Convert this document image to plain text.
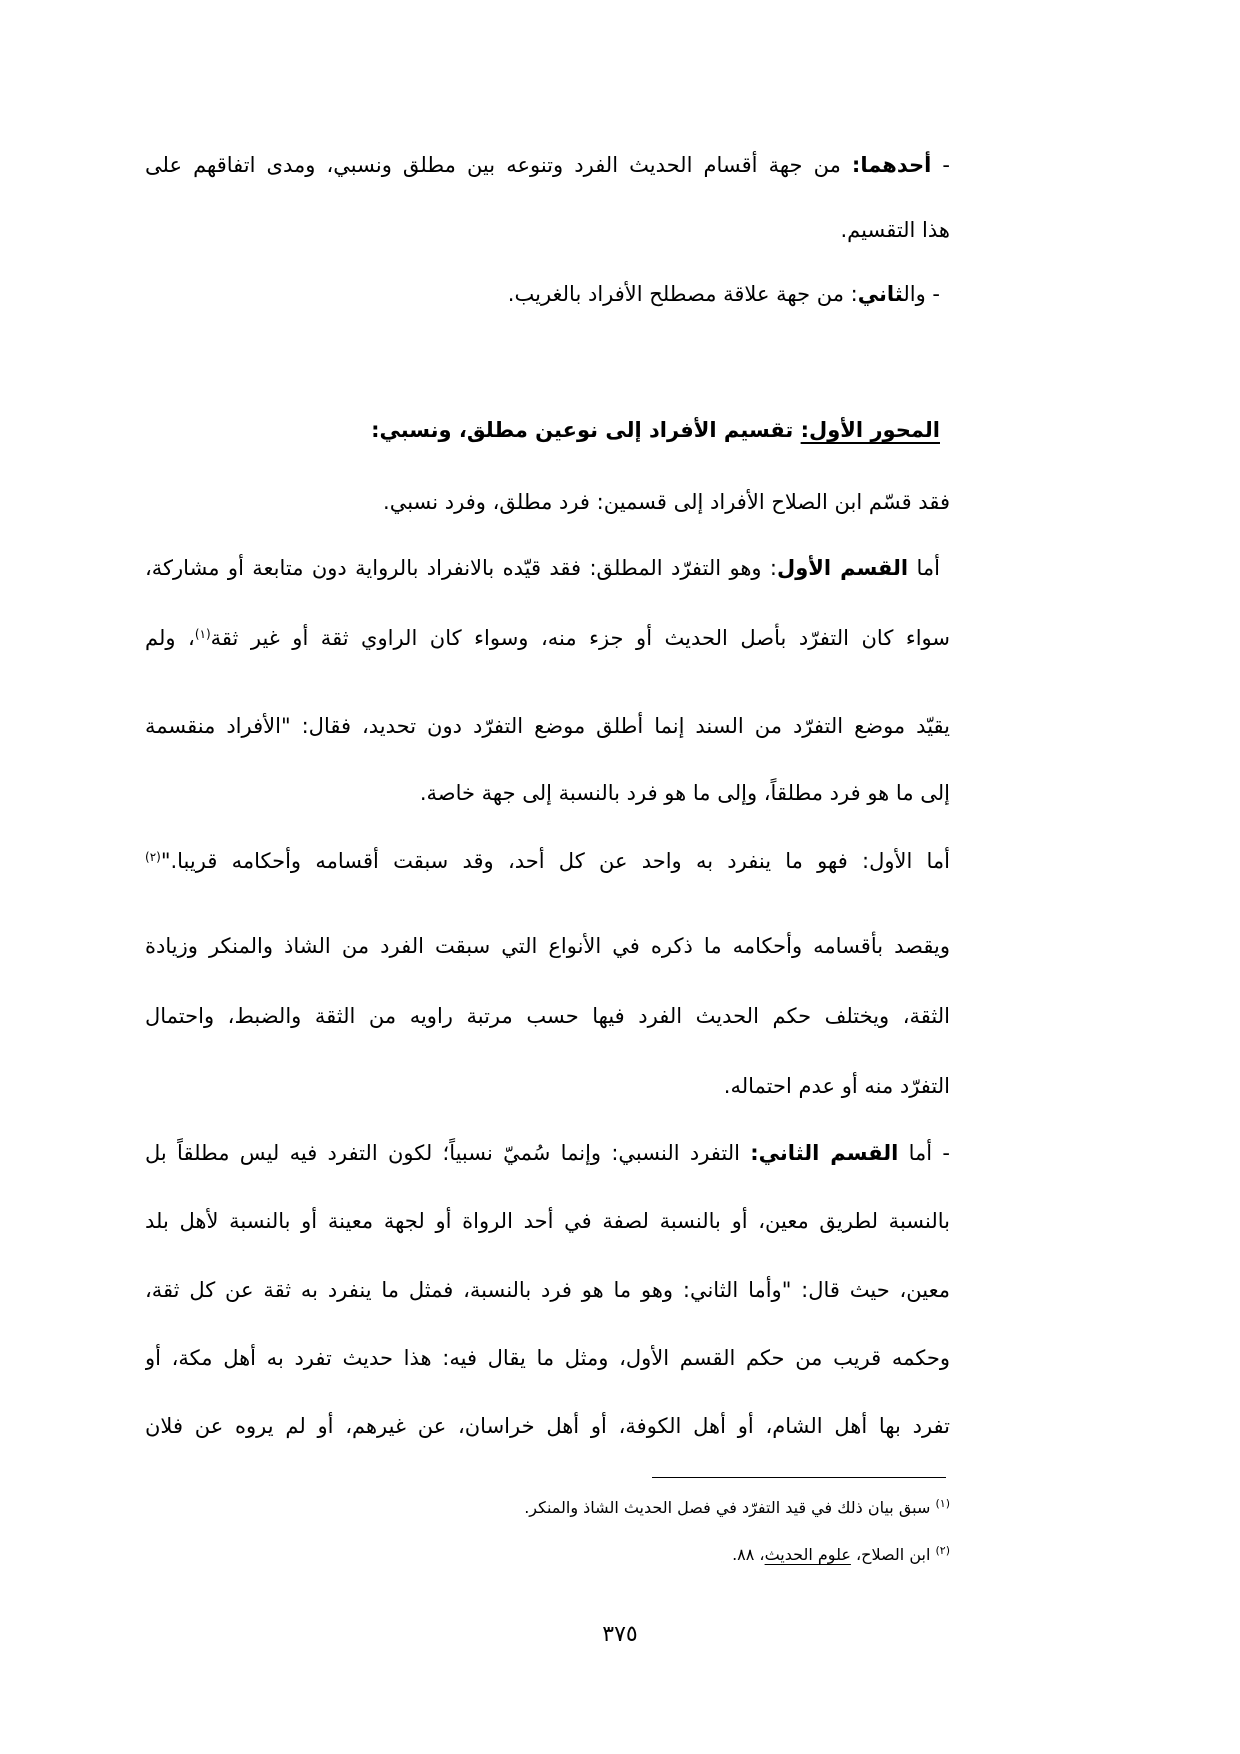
- أحدهما: من جهة أقسام الحديث الفرد وتنوعه بين مطلق ونسبي، ومدى اتفاقهم على
هذا التقسيم.
- والثاني: من جهة علاقة مصطلح الأفراد بالغريب.
المحور الأول: تقسيم الأفراد إلى نوعين مطلق، ونسبي:
فقد قسّم ابن الصلاح الأفراد إلى قسمين: فرد مطلق، وفرد نسبي.
أما القسم الأول: وهو التفرّد المطلق: فقد قيّده بالانفراد بالرواية دون متابعة أو مشاركة،
سواء كان التفرّد بأصل الحديث أو جزء منه، وسواء كان الراوي ثقة أو غير ثقة$^{(١)}$، ولم
يقيّد موضع التفرّد من السند إنما أطلق موضع التفرّد دون تحديد، فقال: "الأفراد منقسمة
إلى ما هو فرد مطلقاً، وإلى ما هو فرد بالنسبة إلى جهة خاصة.
أما الأول: فهو ما ينفرد به واحد عن كل أحد، وقد سبقت أقسامه وأحكامه قريبا."$^{(٢)}$
ويقصد بأقسامه وأحكامه ما ذكره في الأنواع التي سبقت الفرد من الشاذ والمنكر وزيادة
الثقة، ويختلف حكم الحديث الفرد فيها حسب مرتبة راويه من الثقة والضبط، واحتمال
التفرّد منه أو عدم احتماله.
- أما القسم الثاني: التفرد النسبي: وإنما سُميّ نسبياً؛ لكون التفرد فيه ليس مطلقاً بل
بالنسبة لطريق معين، أو بالنسبة لصفة في أحد الرواة أو لجهة معينة أو بالنسبة لأهل بلد
معين، حيث قال: "وأما الثاني: وهو ما هو فرد بالنسبة، فمثل ما ينفرد به ثقة عن كل ثقة،
وحكمه قريب من حكم القسم الأول، ومثل ما يقال فيه: هذا حديث تفرد به أهل مكة، أو
تفرد بها أهل الشام، أو أهل الكوفة، أو أهل خراسان، عن غيرهم، أو لم يروه عن فلان
$^{(١)}$ سبق بيان ذلك في قيد التفرّد في فصل الحديث الشاذ والمنكر.
$^{(٢)}$ ابن الصلاح، علوم الحديث، ٨٨.
٣٧٥
